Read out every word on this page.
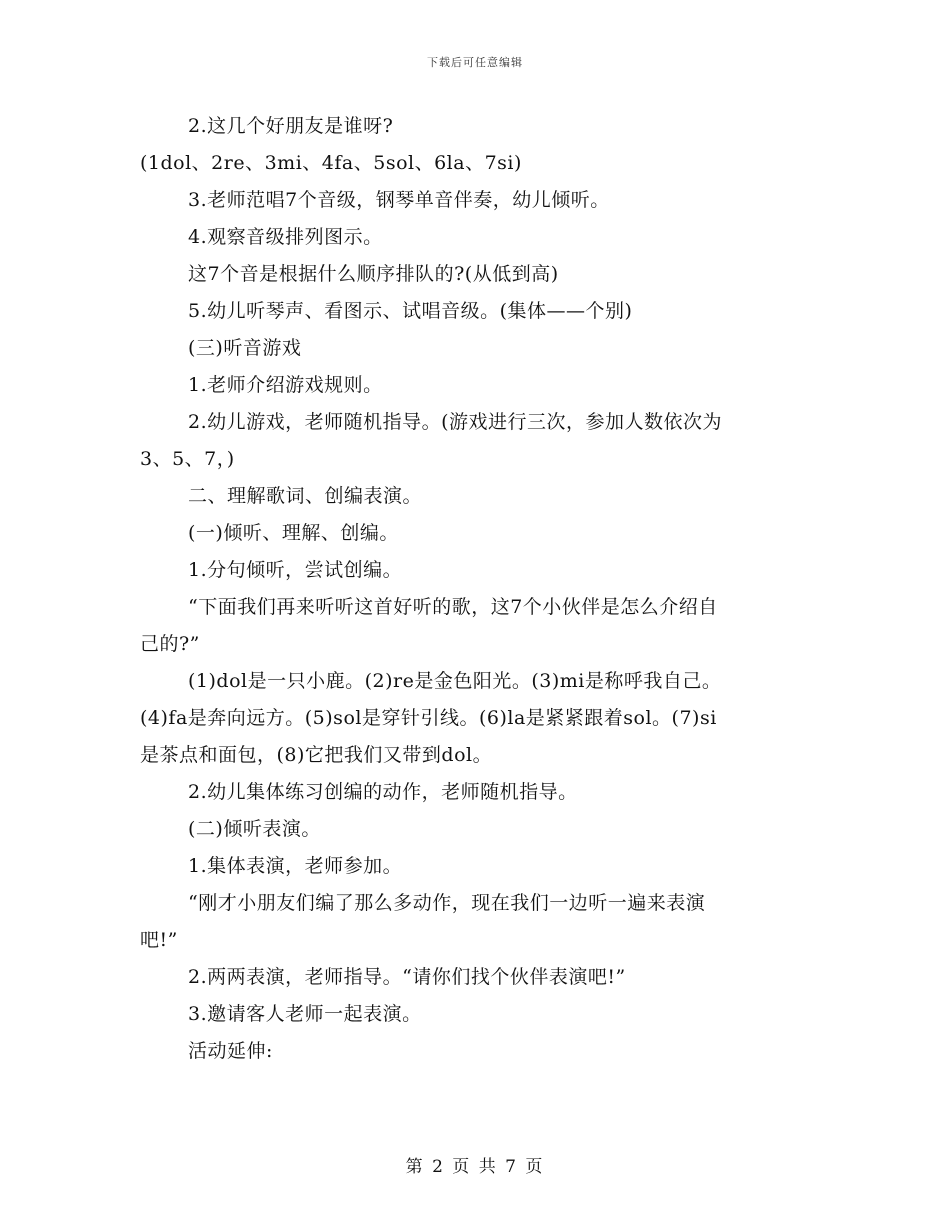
下载后可任意编辑
2.这几个好朋友是谁呀?
(1dol、2re、3mi、4fa、5sol、6la、7si)
3.老师范唱7个音级，钢琴单音伴奏，幼儿倾听。
4.观察音级排列图示。
这7个音是根据什么顺序排队的?(从低到高)
5.幼儿听琴声、看图示、试唱音级。(集体——个别)
(三)听音游戏
1.老师介绍游戏规则。
2.幼儿游戏，老师随机指导。(游戏进行三次，参加人数依次为
3、5、7，)
二、理解歌词、创编表演。
(一)倾听、理解、创编。
1.分句倾听，尝试创编。
“下面我们再来听听这首好听的歌，这7个小伙伴是怎么介绍自
己的?”
(1)dol是一只小鹿。(2)re是金色阳光。(3)mi是称呼我自己。
(4)fa是奔向远方。(5)sol是穿针引线。(6)la是紧紧跟着sol。(7)si
是茶点和面包，(8)它把我们又带到dol。
2.幼儿集体练习创编的动作，老师随机指导。
(二)倾听表演。
1.集体表演，老师参加。
“刚才小朋友们编了那么多动作，现在我们一边听一遍来表演
吧!”
2.两两表演，老师指导。“请你们找个伙伴表演吧!”
3.邀请客人老师一起表演。
活动延伸:
第 2 页 共 7 页
